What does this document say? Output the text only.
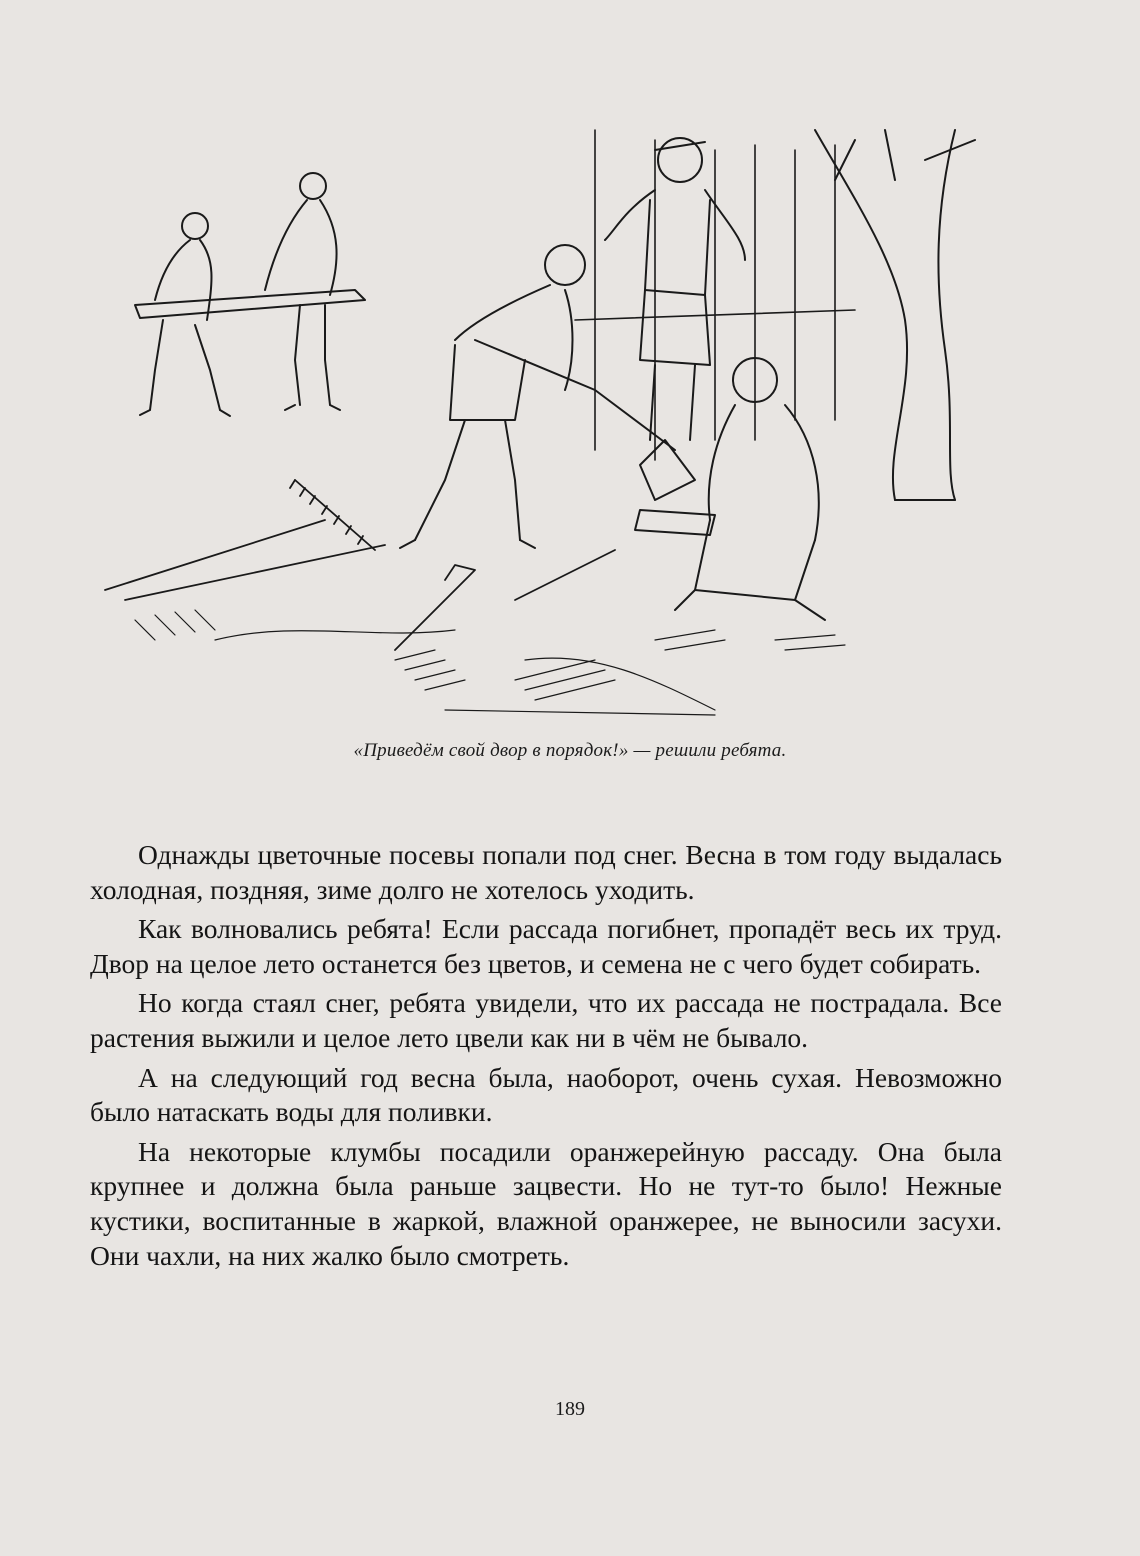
«Приведём свой двор в порядок!» — решили ребята.

Однажды цветочные посевы попали под снег. Весна в том году выдалась холодная, поздняя, зиме долго не хотелось уходить.

Как волновались ребята! Если рассада погибнет, пропадёт весь их труд. Двор на целое лето останется без цветов, и семена не с чего будет собирать.

Но когда стаял снег, ребята увидели, что их рассада не пострадала. Все растения выжили и целое лето цвели как ни в чём не бывало.

А на следующий год весна была, наоборот, очень сухая. Невозможно было натаскать воды для поливки.

На некоторые клумбы посадили оранжерейную рассаду. Она была крупнее и должна была раньше зацвести. Но не тут-то было! Нежные кустики, воспитанные в жаркой, влажной оранжерее, не выносили засухи. Они чахли, на них жалко было смотреть.

189
